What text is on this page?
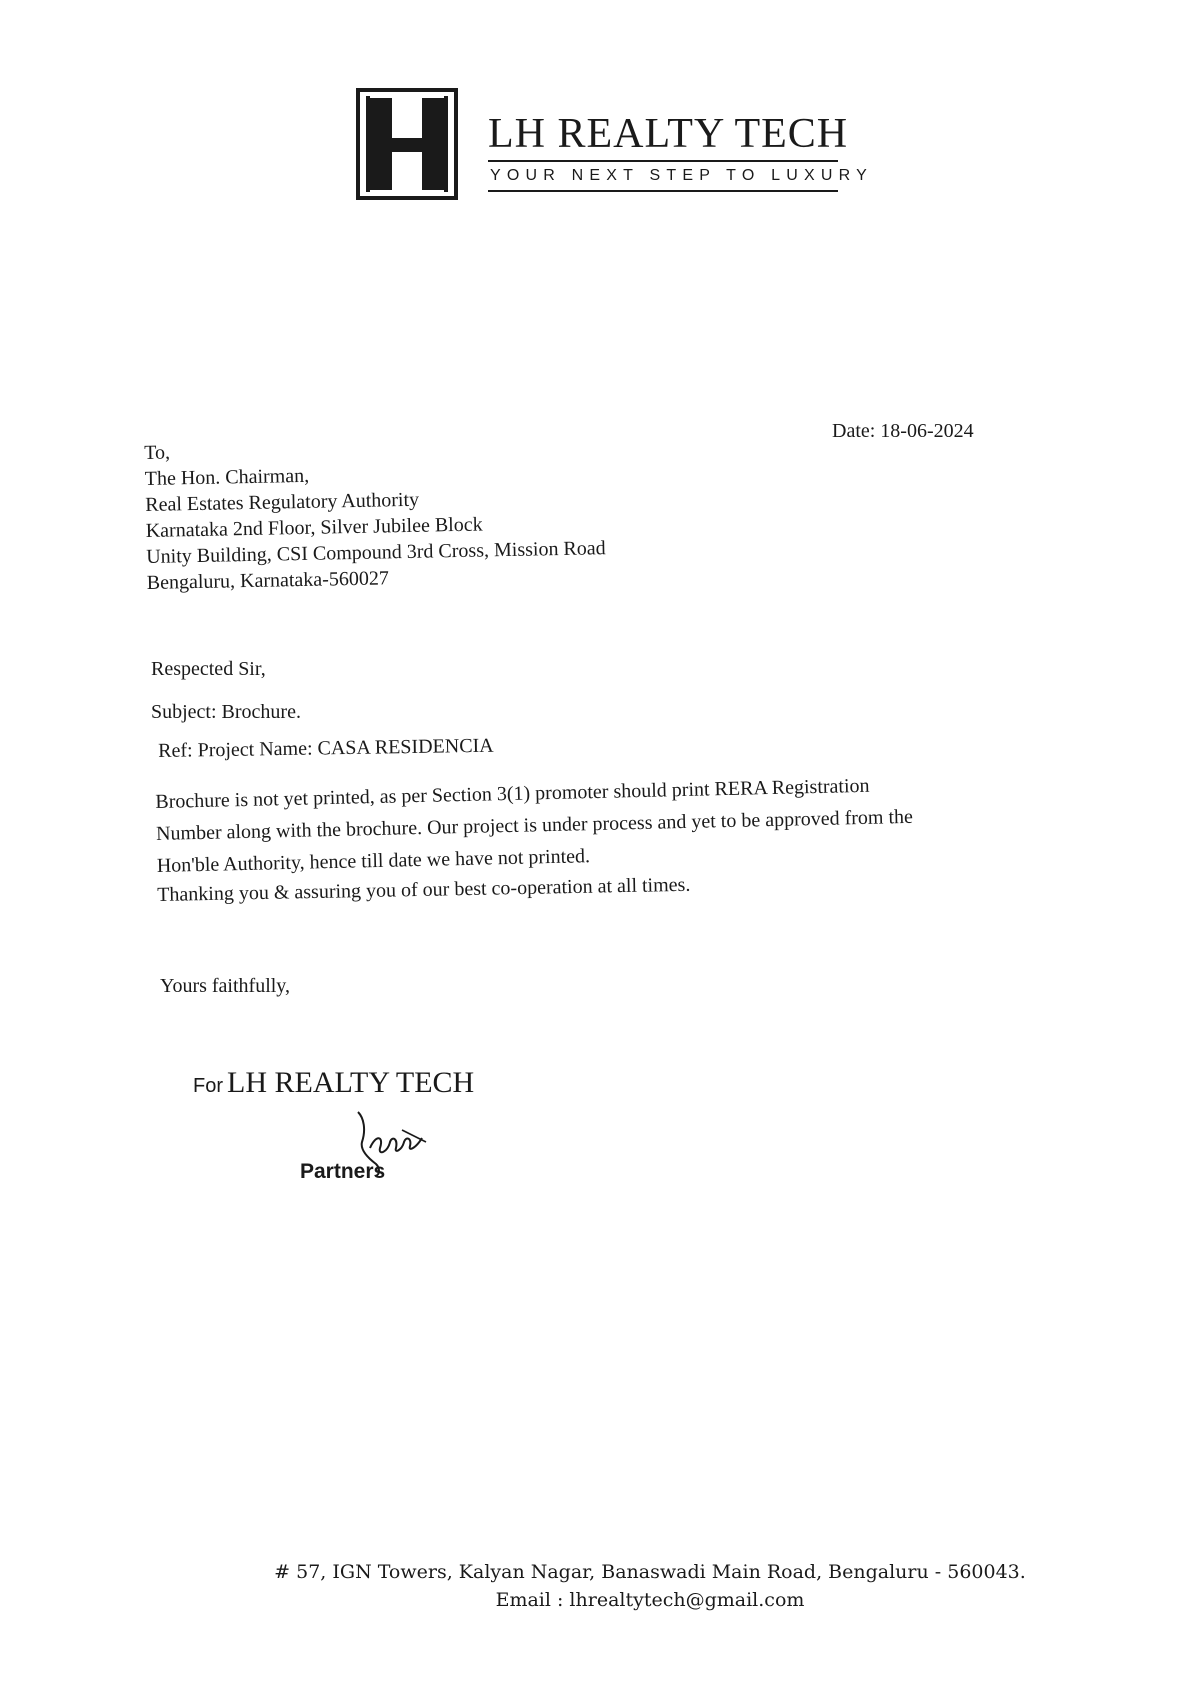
LH REALTY TECH
YOUR NEXT STEP TO LUXURY
Date: 18-06-2024
To,
The Hon. Chairman,
Real Estates Regulatory Authority
Karnataka 2nd Floor, Silver Jubilee Block
Unity Building, CSI Compound 3rd Cross, Mission Road
Bengaluru, Karnataka-560027
Respected Sir,
Subject: Brochure.
Ref: Project Name: CASA RESIDENCIA
Brochure is not yet printed, as per Section 3(1) promoter should print RERA Registration
Number along with the brochure. Our project is under process and yet to be approved from the
Hon'ble Authority, hence till date we have not printed.
Thanking you & assuring you of our best co-operation at all times.
Yours faithfully,
For LH REALTY TECH
Partners
# 57, IGN Towers, Kalyan Nagar, Banaswadi Main Road, Bengaluru - 560043.
Email : lhrealtytech@gmail.com
